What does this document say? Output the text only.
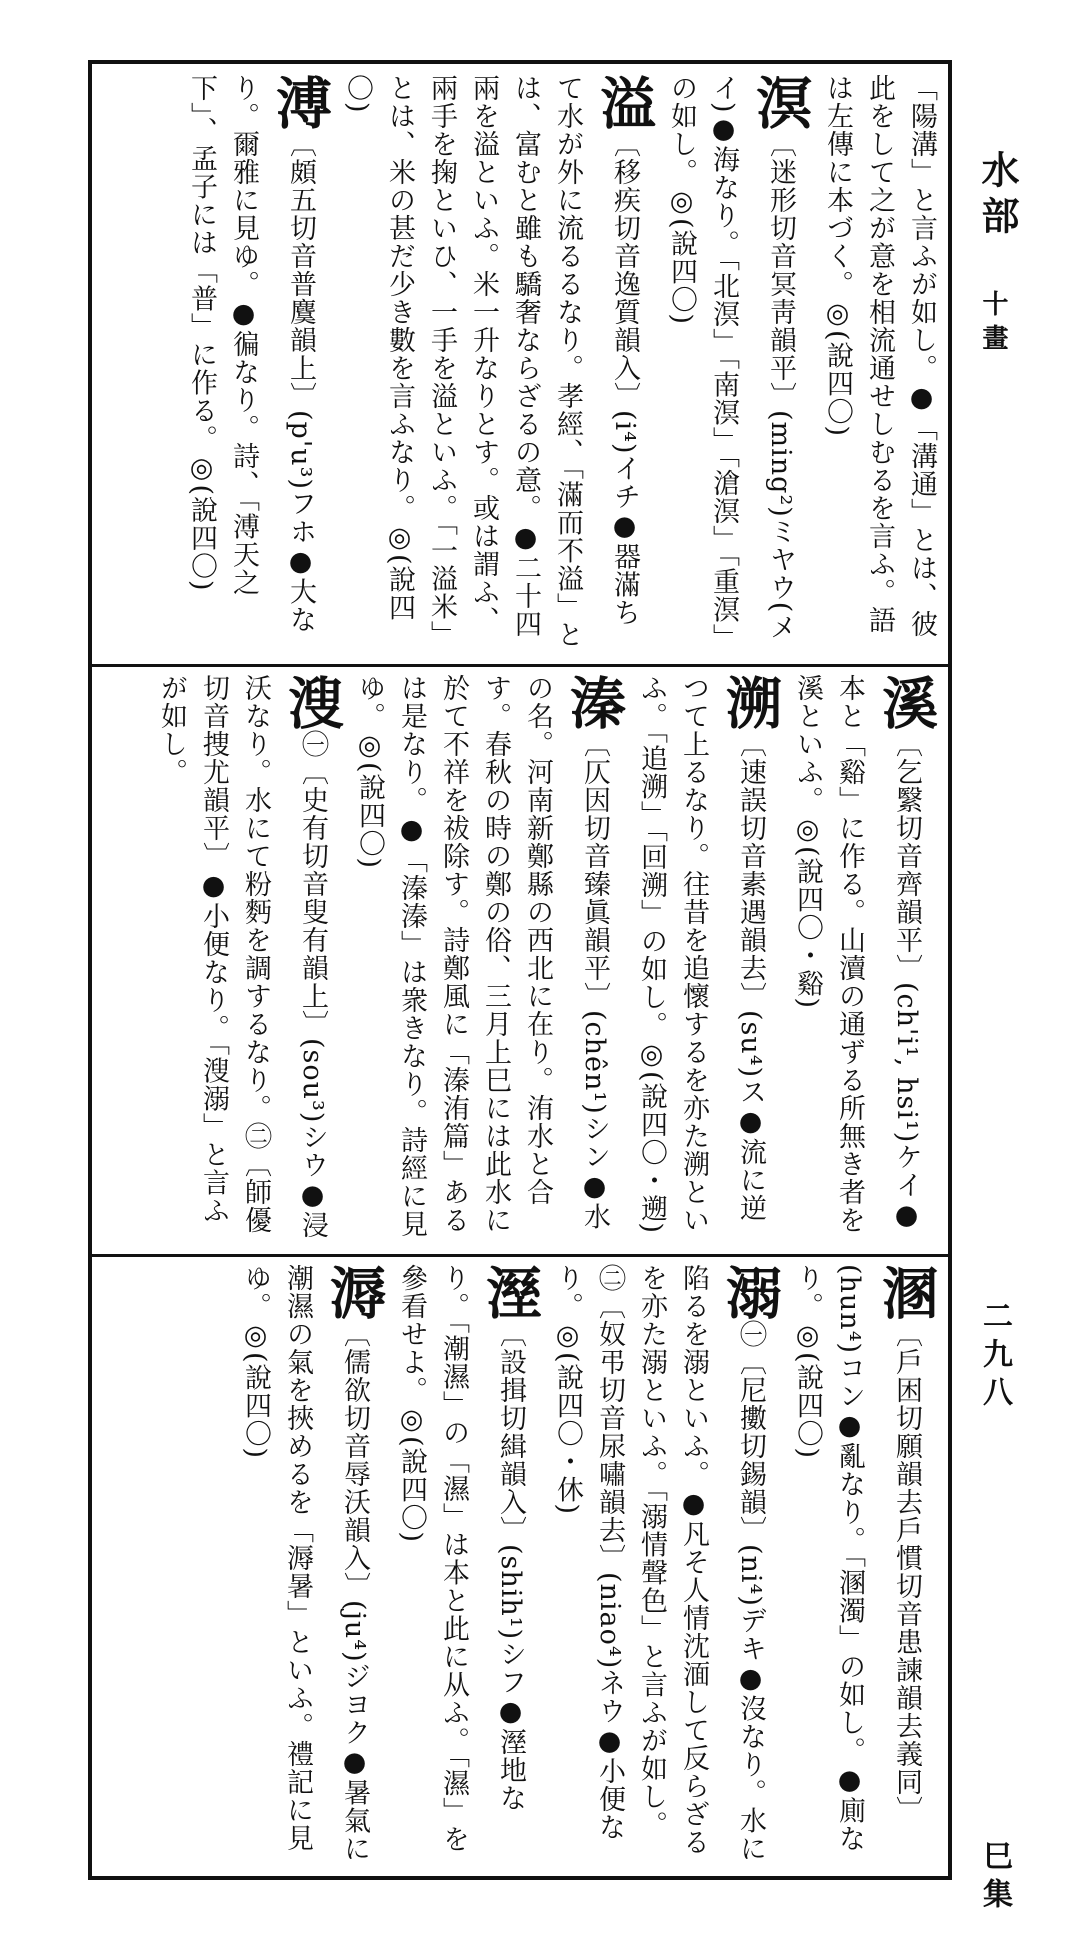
水部
十畫
二九八
巳集
「陽溝」と言ふが如し。●「溝通」とは、彼此をして之が意を相流通せしむるを言ふ。語は左傳に本づく。◎(說四〇)
溟〔迷形切音冥靑韻平〕(ming²)ミヤウ(メイ)●海なり。「北溟」「南溟」「滄溟」「重溟」の如し。◎(說四〇)
溢〔移疾切音逸質韻入〕(i⁴)イチ●器滿ちて水が外に流るるなり。孝經、「滿而不溢」とは、富むと雖も驕奢ならざるの意。●二十四兩を溢といふ。米一升なりとす。或は謂ふ、兩手を掬といひ、一手を溢といふ。「一溢米」とは、米の甚だ少き數を言ふなり。◎(說四〇)
溥〔頗五切音普麌韻上〕(p'u³)フホ●大なり。爾雅に見ゆ。●徧なり。詩、「溥天之下」、孟子には「普」に作る。◎(說四〇)
溪〔乞繄切音齊韻平〕(ch'i¹, hsi¹)ケイ●本と「谿」に作る。山瀆の通ずる所無き者を溪といふ。◎(說四〇・谿)
溯〔速誤切音素遇韻去〕(su⁴)ス●流に逆つて上るなり。往昔を追懷するを亦た溯といふ。「追溯」「回溯」の如し。◎(說四〇・遡)
溱〔仄因切音臻眞韻平〕(chên¹)シン●水の名。河南新鄭縣の西北に在り。洧水と合す。春秋の時の鄭の俗、三月上巳には此水に於て不祥を祓除す。詩鄭風に「溱洧篇」あるは是なり。●「溱溱」は衆きなり。詩經に見ゆ。◎(說四〇)
溲㊀〔史有切音叟有韻上〕(sou³)シウ●浸沃なり。水にて粉麪を調するなり。㊁〔師優切音捜尤韻平〕●小便なり。「溲溺」と言ふが如し。
溷〔戶困切願韻去戶慣切音患諫韻去義同〕(hun⁴)コン●亂なり。「溷濁」の如し。●廁なり。◎(說四〇)
溺㊀〔尼擻切錫韻〕(ni⁴)デキ●沒なり。水に陷るを溺といふ。●凡そ人情沈湎して反らざるを亦た溺といふ。「溺情聲色」と言ふが如し。㊁〔奴弔切音尿嘯韻去〕(niao⁴)ネウ●小便なり。◎(說四〇・休)
溼〔設揖切緝韻入〕(shih¹)シフ●溼地なり。「潮濕」の「濕」は本と此に从ふ。「濕」を參看せよ。◎(說四〇)
溽〔儒欲切音辱沃韻入〕(ju⁴)ジヨク●暑氣に潮濕の氣を挾めるを「溽暑」といふ。禮記に見ゆ。◎(說四〇)
